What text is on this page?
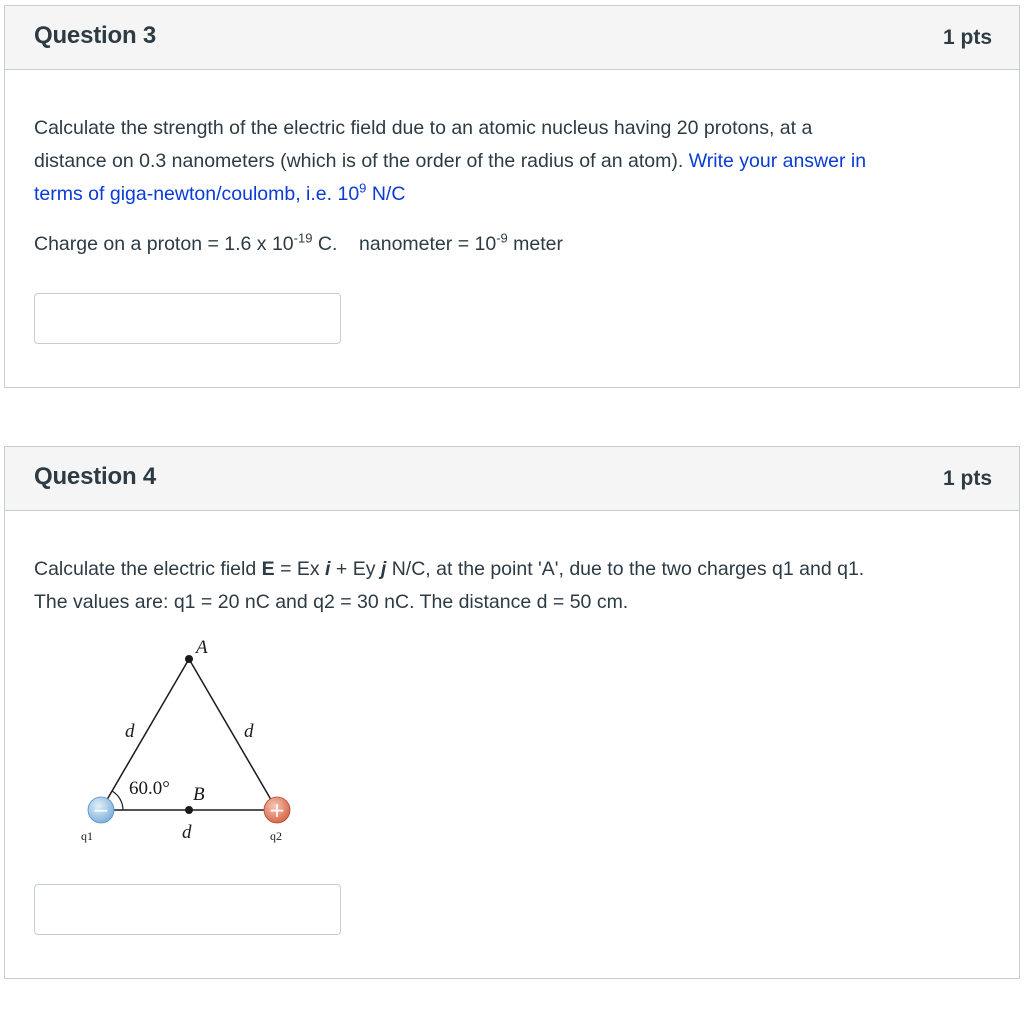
Question 3	1 pts
Calculate the strength of the electric field due to an atomic nucleus having 20 protons, at a
distance on 0.3 nanometers (which is of the order of the radius of an atom). Write your answer in
terms of giga-newton/coulomb, i.e. $10^9$ N/C
Charge on a proton = 1.6 x $10^{-19}$ C. nanometer = $10^{-9}$ meter
Question 4	1 pts
Calculate the electric field E = Ex i + Ey j N/C, at the point 'A', due to the two charges q1 and q1.
The values are: q1 = 20 nC and q2 = 30 nC. The distance d = 50 cm.
−	+
A
B
d	d
d
60.0°
q1	q2
